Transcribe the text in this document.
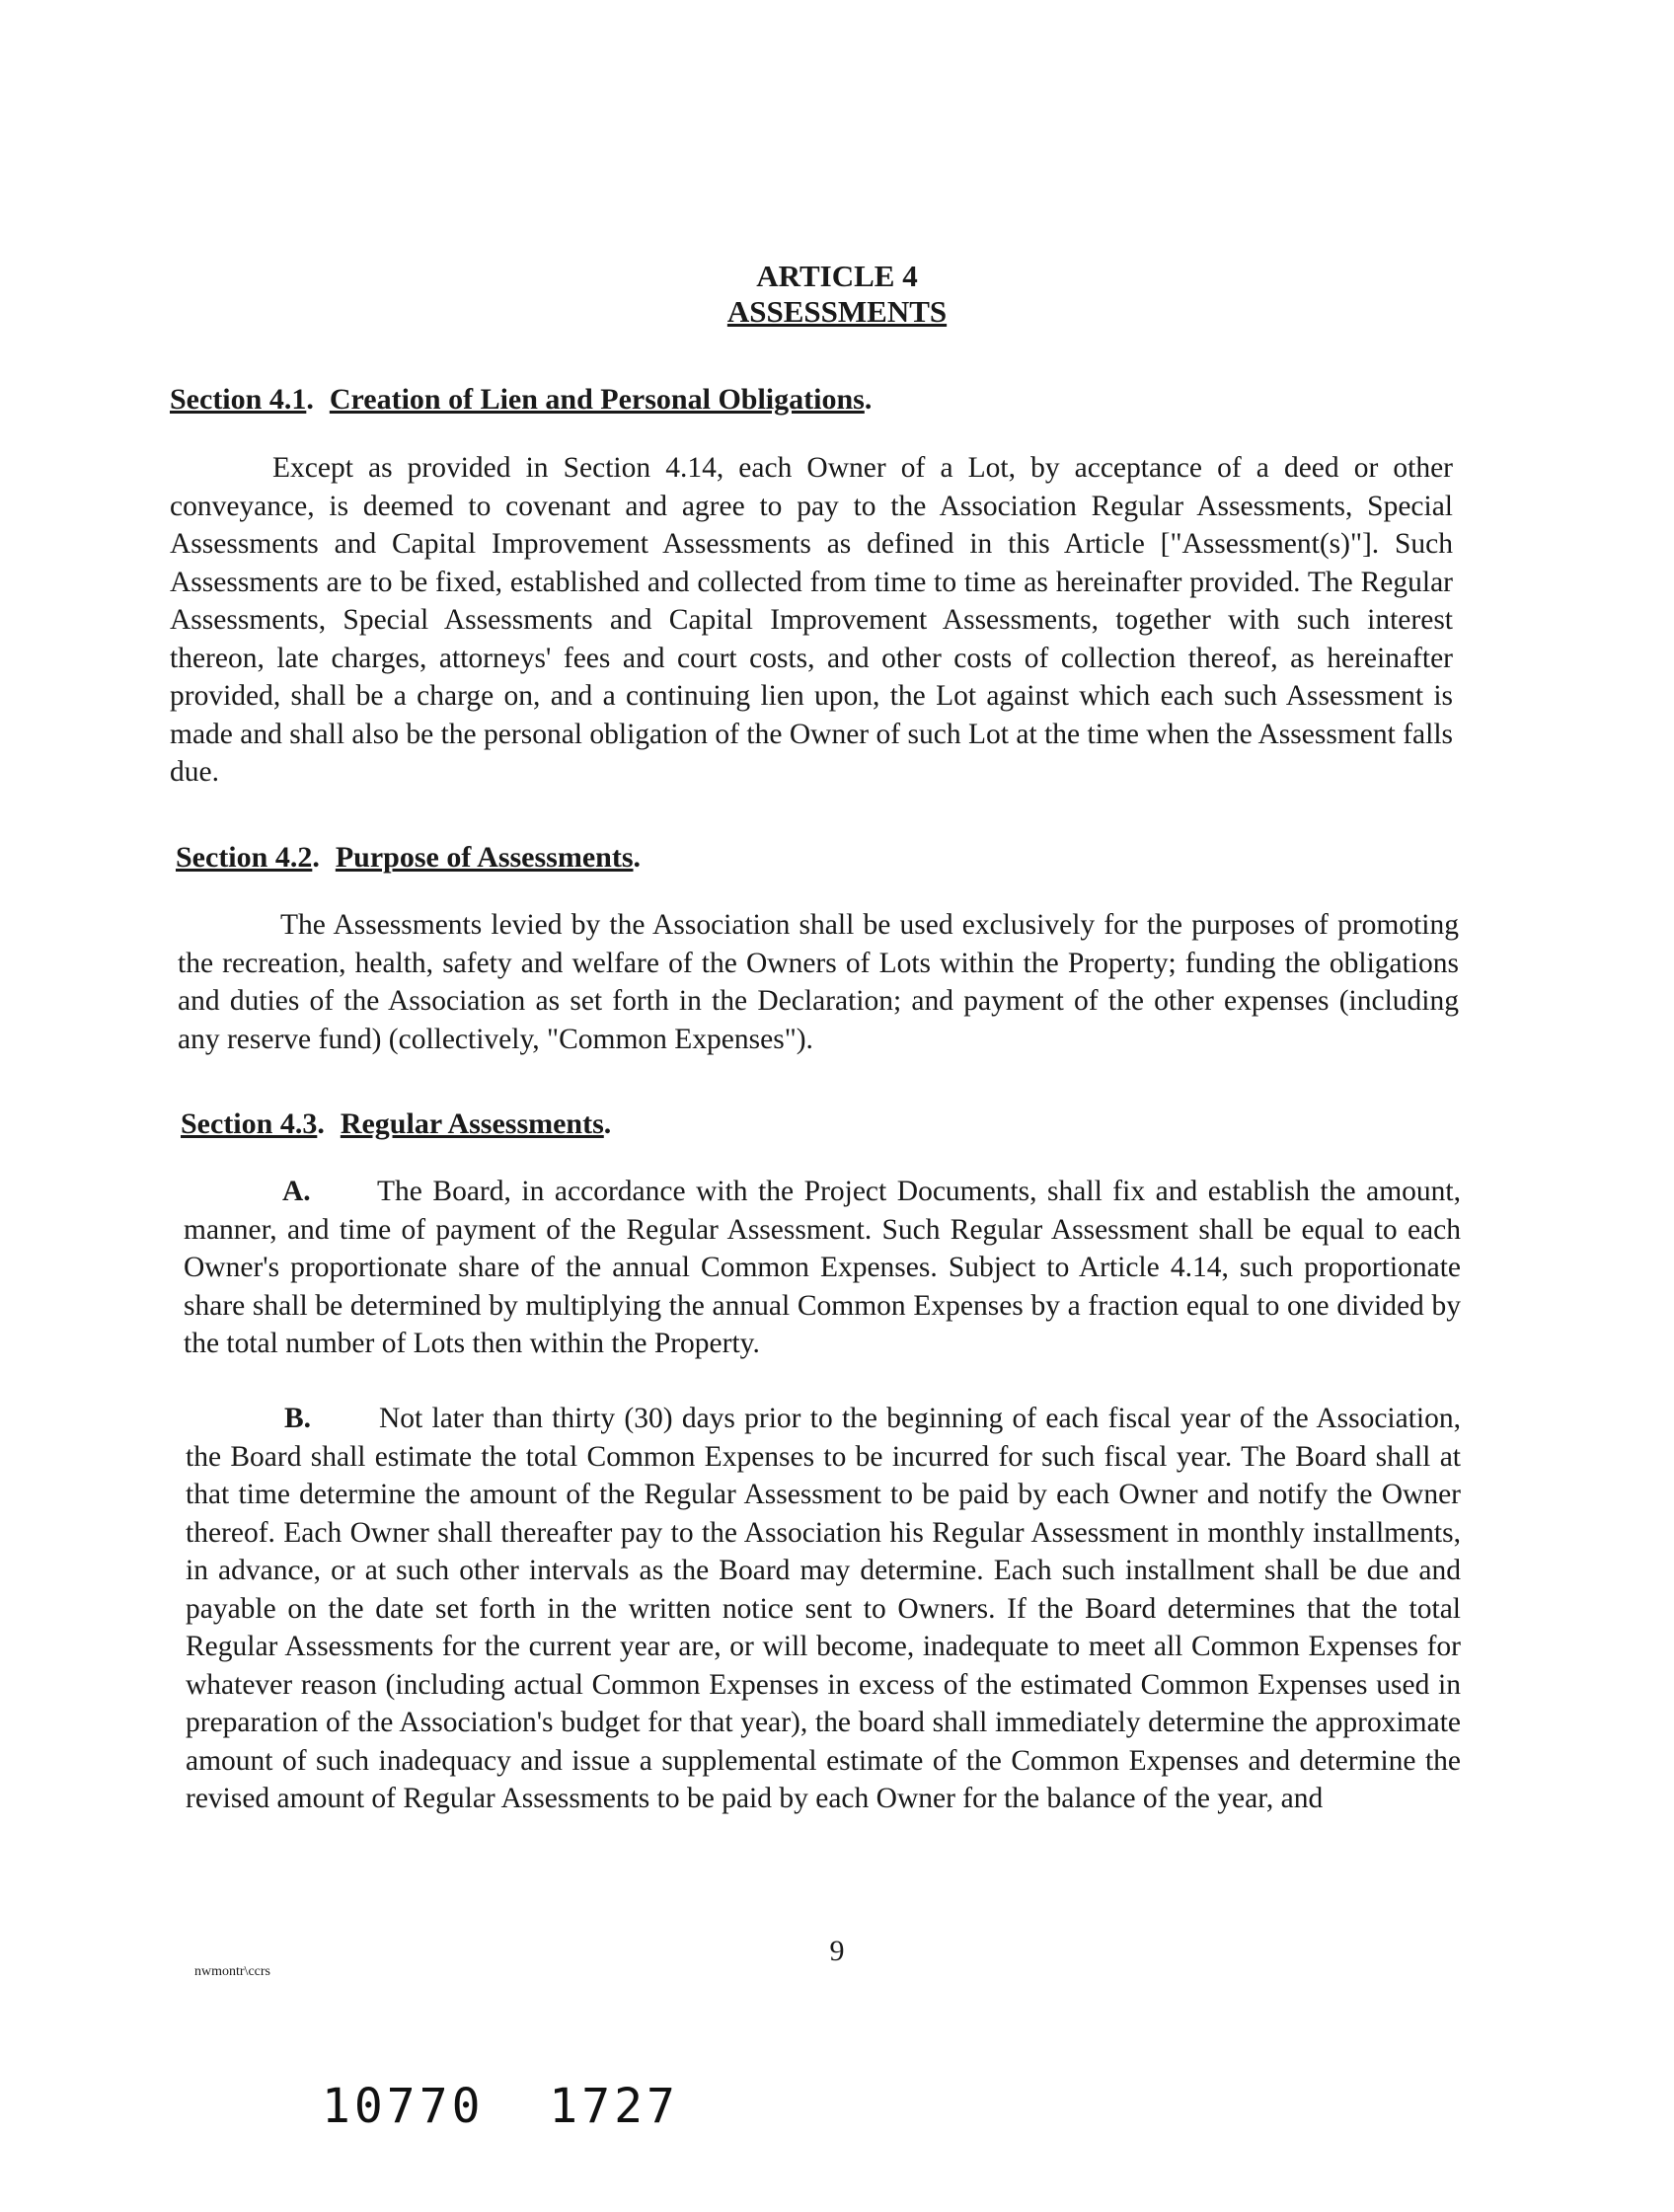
ARTICLE 4
ASSESSMENTS
Section 4.1. Creation of Lien and Personal Obligations.
Except as provided in Section 4.14, each Owner of a Lot, by acceptance of a deed or other conveyance, is deemed to covenant and agree to pay to the Association Regular Assessments, Special Assessments and Capital Improvement Assessments as defined in this Article ["Assessment(s)"]. Such Assessments are to be fixed, established and collected from time to time as hereinafter provided. The Regular Assessments, Special Assessments and Capital Improvement Assessments, together with such interest thereon, late charges, attorneys' fees and court costs, and other costs of collection thereof, as hereinafter provided, shall be a charge on, and a continuing lien upon, the Lot against which each such Assessment is made and shall also be the personal obligation of the Owner of such Lot at the time when the Assessment falls due.
Section 4.2. Purpose of Assessments.
The Assessments levied by the Association shall be used exclusively for the purposes of promoting the recreation, health, safety and welfare of the Owners of Lots within the Property; funding the obligations and duties of the Association as set forth in the Declaration; and payment of the other expenses (including any reserve fund) (collectively, "Common Expenses").
Section 4.3. Regular Assessments.
A. The Board, in accordance with the Project Documents, shall fix and establish the amount, manner, and time of payment of the Regular Assessment. Such Regular Assessment shall be equal to each Owner's proportionate share of the annual Common Expenses. Subject to Article 4.14, such proportionate share shall be determined by multiplying the annual Common Expenses by a fraction equal to one divided by the total number of Lots then within the Property.
B. Not later than thirty (30) days prior to the beginning of each fiscal year of the Association, the Board shall estimate the total Common Expenses to be incurred for such fiscal year. The Board shall at that time determine the amount of the Regular Assessment to be paid by each Owner and notify the Owner thereof. Each Owner shall thereafter pay to the Association his Regular Assessment in monthly installments, in advance, or at such other intervals as the Board may determine. Each such installment shall be due and payable on the date set forth in the written notice sent to Owners. If the Board determines that the total Regular Assessments for the current year are, or will become, inadequate to meet all Common Expenses for whatever reason (including actual Common Expenses in excess of the estimated Common Expenses used in preparation of the Association's budget for that year), the board shall immediately determine the approximate amount of such inadequacy and issue a supplemental estimate of the Common Expenses and determine the revised amount of Regular Assessments to be paid by each Owner for the balance of the year, and
9
nwmontr\ccrs
10770  1727
